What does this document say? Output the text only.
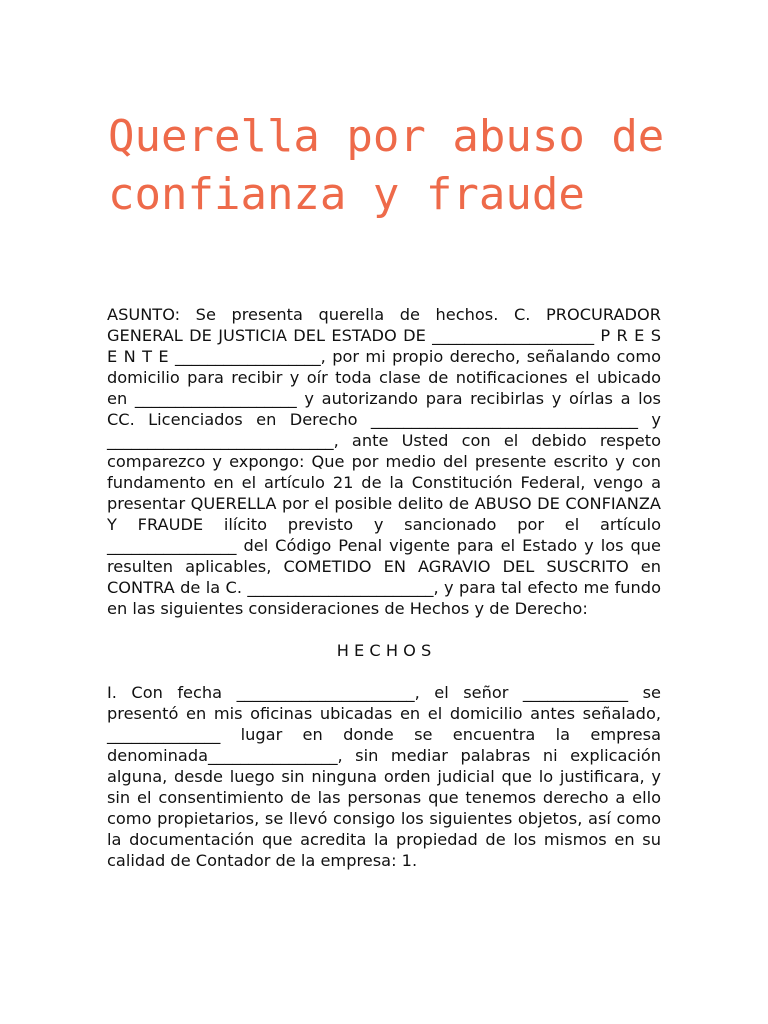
Querella por abuso de confianza y fraude

ASUNTO: Se presenta querella de hechos. C. PROCURADOR GENERAL DE JUSTICIA DEL ESTADO DE ____________________ P R E S E N T E __________________, por mi propio derecho, señalando como domicilio para recibir y oír toda clase de notificaciones el ubicado en ____________________ y autorizando para recibirlas y oírlas a los CC. Licenciados en Derecho _________________________________ y ____________________________, ante Usted con el debido respeto comparezco y expongo: Que por medio del presente escrito y con fundamento en el artículo 21 de la Constitución Federal, vengo a presentar QUERELLA por el posible delito de ABUSO DE CONFIANZA Y FRAUDE ilícito previsto y sancionado por el artículo ________________ del Código Penal vigente para el Estado y los que resulten aplicables, COMETIDO EN AGRAVIO DEL SUSCRITO en CONTRA de la C. _______________________, y para tal efecto me fundo en las siguientes consideraciones de Hechos y de Derecho:

H E C H O S

I. Con fecha ______________________, el señor _____________ se presentó en mis oficinas ubicadas en el domicilio antes señalado, ______________ lugar en donde se encuentra la empresa denominada________________, sin mediar palabras ni explicación alguna, desde luego sin ninguna orden judicial que lo justificara, y sin el consentimiento de las personas que tenemos derecho a ello como propietarios, se llevó consigo los siguientes objetos, así como la documentación que acredita la propiedad de los mismos en su calidad de Contador de la empresa: 1.
